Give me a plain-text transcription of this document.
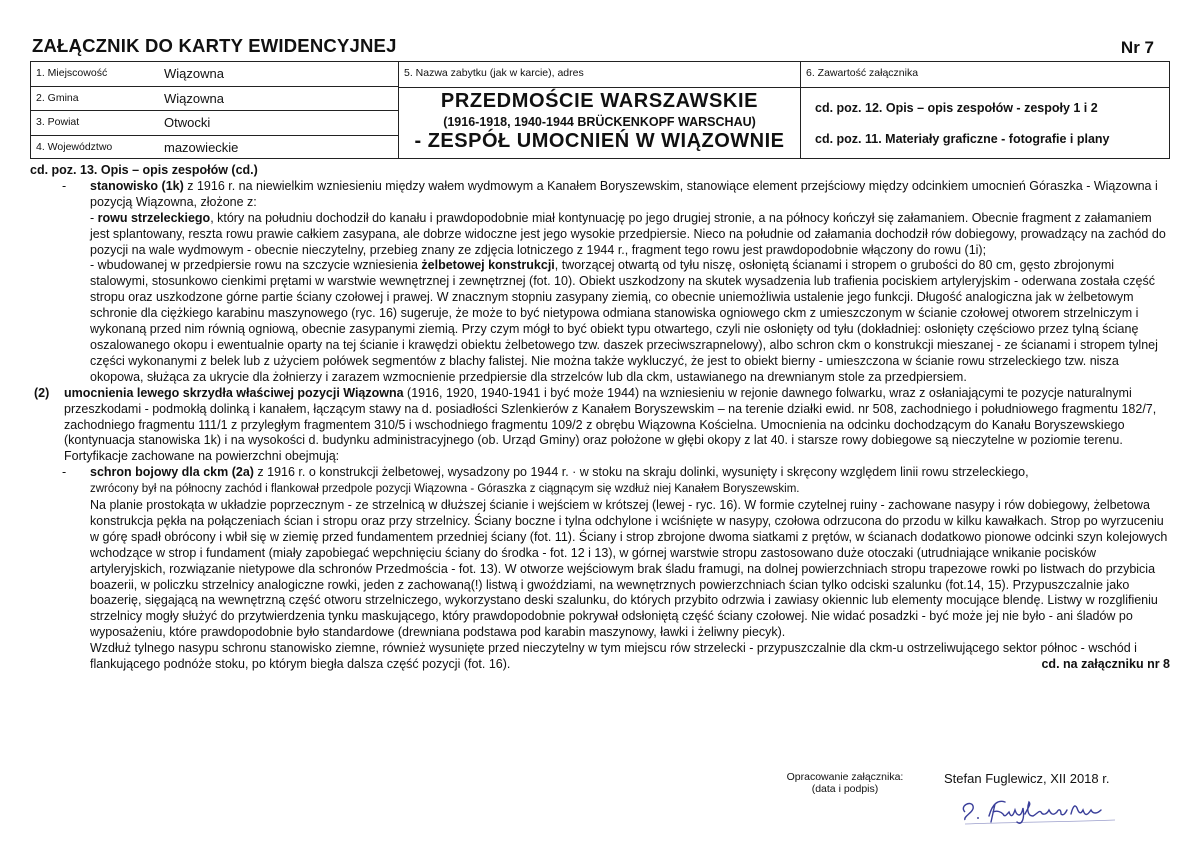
ZAŁĄCZNIK DO KARTY EWIDENCYJNEJ	Nr 7
1. Miejscowość	Wiązowna
2. Gmina	Wiązowna
3. Powiat	Otwocki
4. Województwo	mazowieckie
5. Nazwa zabytku (jak w karcie), adres
PRZEDMOŚCIE WARSZAWSKIE
(1916-1918, 1940-1944 BRÜCKENKOPF WARSCHAU)
- ZESPÓŁ UMOCNIEŃ W WIĄZOWNIE
6. Zawartość załącznika
cd. poz. 12. Opis – opis zespołów - zespoły 1 i 2
cd. poz. 11. Materiały graficzne - fotografie i plany

cd. poz. 13. Opis – opis zespołów (cd.)

- stanowisko (1k) z 1916 r. na niewielkim wzniesieniu między wałem wydmowym a Kanałem Boryszewskim, stanowiące element przejściowy między odcinkiem umocnień Góraszka - Wiązowna i pozycją Wiązowna, złożone z:

- rowu strzeleckiego, który na południu dochodził do kanału i prawdopodobnie miał kontynuację po jego drugiej stronie, a na północy kończył się załamaniem. Obecnie fragment z załamaniem jest splantowany, reszta rowu prawie całkiem zasypana, ale dobrze widoczne jest jego wysokie przedpiersie. Nieco na południe od załamania dochodził rów dobiegowy, prowadzący na zachód do pozycji na wale wydmowym - obecnie nieczytelny, przebieg znany ze zdjęcia lotniczego z 1944 r., fragment tego rowu jest prawdopodobnie włączony do rowu (1i);

- wbudowanej w przedpiersie rowu na szczycie wzniesienia żelbetowej konstrukcji, tworzącej otwartą od tyłu niszę, osłoniętą ścianami i stropem o grubości do 80 cm, gęsto zbrojonymi stalowymi, stosunkowo cienkimi prętami w warstwie wewnętrznej i zewnętrznej (fot. 10). Obiekt uszkodzony na skutek wysadzenia lub trafienia pociskiem artyleryjskim - oderwana została część stropu oraz uszkodzone górne partie ściany czołowej i prawej. W znacznym stopniu zasypany ziemią, co obecnie uniemożliwia ustalenie jego funkcji. Długość analogiczna jak w żelbetowym schronie dla ciężkiego karabinu maszynowego (ryc. 16) sugeruje, że może to być nietypowa odmiana stanowiska ogniowego ckm z umieszczonym w ścianie czołowej otworem strzelniczym i wykonaną przed nim równią ogniową, obecnie zasypanymi ziemią. Przy czym mógł to być obiekt typu otwartego, czyli nie osłonięty od tyłu (dokładniej: osłonięty częściowo przez tylną ścianę oszalowanego okopu i ewentualnie oparty na tej ścianie i krawędzi obiektu żelbetowego tzw. daszek przeciwszrapnelowy), albo schron ckm o konstrukcji mieszanej - ze ścianami i stropem tylnej części wykonanymi z belek lub z użyciem połówek segmentów z blachy falistej. Nie można także wykluczyć, że jest to obiekt bierny - umieszczona w ścianie rowu strzeleckiego tzw. nisza okopowa, służąca za ukrycie dla żołnierzy i zarazem wzmocnienie przedpiersie dla strzelców lub dla ckm, ustawianego na drewnianym stole za przedpiersiem.

(2) umocnienia lewego skrzydła właściwej pozycji Wiązowna (1916, 1920, 1940-1941 i być może 1944) na wzniesieniu w rejonie dawnego folwarku, wraz z osłaniającymi te pozycje naturalnymi przeszkodami - podmokłą dolinką i kanałem, łączącym stawy na d. posiadłości Szlenkierów z Kanałem Boryszewskim – na terenie działki ewid. nr 508, zachodniego i południowego fragmentu 182/7, zachodniego fragmentu 111/1 z przyległym fragmentem 310/5 i wschodniego fragmentu 109/2 z obrębu Wiązowna Kościelna. Umocnienia na odcinku dochodzącym do Kanału Boryszewskiego (kontynuacja stanowiska 1k) i na wysokości d. budynku administracyjnego (ob. Urząd Gminy) oraz położone w głębi okopy z lat 40. i starsze rowy dobiegowe są nieczytelne w poziomie terenu. Fortyfikacje zachowane na powierzchni obejmują:

- schron bojowy dla ckm (2a) z 1916 r. o konstrukcji żelbetowej, wysadzony po 1944 r. · w stoku na skraju dolinki, wysunięty i skręcony względem linii rowu strzeleckiego,
zwrócony był na północny zachód i flankował przedpole pozycji Wiązowna - Góraszka z ciągnącym się wzdłuż niej Kanałem Boryszewskim.

Na planie prostokąta w układzie poprzecznym - ze strzelnicą w dłuższej ścianie i wejściem w krótszej (lewej - ryc. 16). W formie czytelnej ruiny - zachowane nasypy i rów dobiegowy, żelbetowa konstrukcja pękła na połączeniach ścian i stropu oraz przy strzelnicy. Ściany boczne i tylna odchylone i wciśnięte w nasypy, czołowa odrzucona do przodu w kilku kawałkach. Strop po wyrzuceniu w górę spadł obrócony i wbił się w ziemię przed fundamentem przedniej ściany (fot. 11). Ściany i strop zbrojone dwoma siatkami z prętów, w ścianach dodatkowo pionowe odcinki szyn kolejowych wchodzące w strop i fundament (miały zapobiegać wepchnięciu ściany do środka - fot. 12 i 13), w górnej warstwie stropu zastosowano duże otoczaki (utrudniające wnikanie pocisków artyleryjskich, rozwiązanie nietypowe dla schronów Przedmościa - fot. 13). W otworze wejściowym brak śladu framugi, na dolnej powierzchniach stropu trapezowe rowki po listwach do przybicia boazerii, w policzku strzelnicy analogiczne rowki, jeden z zachowaną(!) listwą i gwoździami, na wewnętrznych powierzchniach ścian tylko odciski szalunku (fot.14, 15). Przypuszczalnie jako boazerię, sięgającą na wewnętrzną część otworu strzelniczego, wykorzystano deski szalunku, do których przybito odrzwia i zawiasy okiennic lub elementy mocujące blendę. Listwy w rozglifieniu strzelnicy mogły służyć do przytwierdzenia tynku maskującego, który prawdopodobnie pokrywał odsłoniętą część ściany czołowej. Nie widać posadzki - być może jej nie było - ani śladów po wyposażeniu, które prawdopodobnie było standardowe (drewniana podstawa pod karabin maszynowy, ławki i żeliwny piecyk).

Wzdłuż tylnego nasypu schronu stanowisko ziemne, również wysunięte przed nieczytelny w tym miejscu rów strzelecki - przypuszczalnie dla ckm-u ostrzeliwującego sektor północ - wschód i flankującego podnóże stoku, po którym biegła dalsza część pozycji (fot. 16).	cd. na załączniku nr 8

Opracowanie załącznika:
(data i podpis)
Stefan Fuglewicz, XII 2018 r.
